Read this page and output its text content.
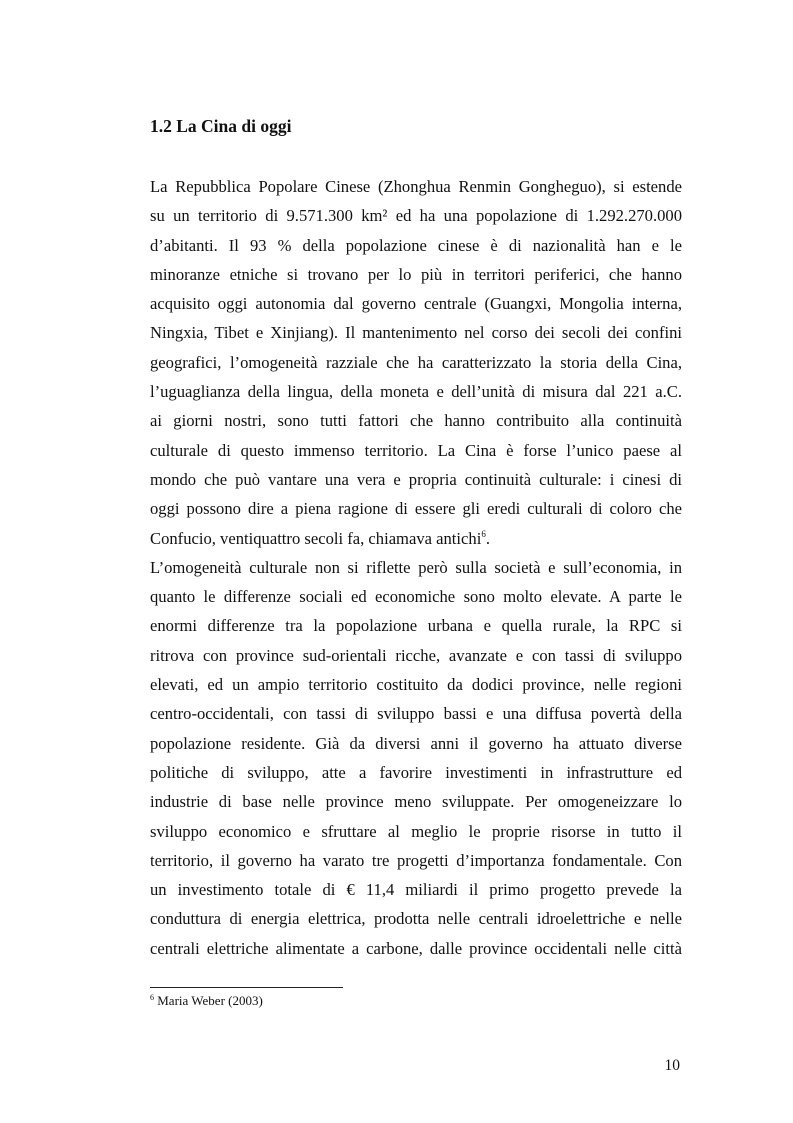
1.2 La Cina di oggi
La Repubblica Popolare Cinese (Zhonghua Renmin Gongheguo), si estende
su un territorio di 9.571.300 km² ed ha una popolazione di 1.292.270.000
d’abitanti. Il 93 % della popolazione cinese è di nazionalità han e le
minoranze etniche si trovano per lo più in territori periferici, che hanno
acquisito oggi autonomia dal governo centrale (Guangxi, Mongolia interna,
Ningxia, Tibet e Xinjiang). Il mantenimento nel corso dei secoli dei confini
geografici, l’omogeneità razziale che ha caratterizzato la storia della Cina,
l’uguaglianza della lingua, della moneta e dell’unità di misura dal 221 a.C.
ai giorni nostri, sono tutti fattori che hanno contribuito alla continuità
culturale di questo immenso territorio. La Cina è forse l’unico paese al
mondo che può vantare una vera e propria continuità culturale: i cinesi di
oggi possono dire a piena ragione di essere gli eredi culturali di coloro che
Confucio, ventiquattro secoli fa, chiamava antichi$^6$.
L’omogeneità culturale non si riflette però sulla società e sull’economia, in
quanto le differenze sociali ed economiche sono molto elevate. A parte le
enormi differenze tra la popolazione urbana e quella rurale, la RPC si
ritrova con province sud-orientali ricche, avanzate e con tassi di sviluppo
elevati, ed un ampio territorio costituito da dodici province, nelle regioni
centro-occidentali, con tassi di sviluppo bassi e una diffusa povertà della
popolazione residente. Già da diversi anni il governo ha attuato diverse
politiche di sviluppo, atte a favorire investimenti in infrastrutture ed
industrie di base nelle province meno sviluppate. Per omogeneizzare lo
sviluppo economico e sfruttare al meglio le proprie risorse in tutto il
territorio, il governo ha varato tre progetti d’importanza fondamentale. Con
un investimento totale di € 11,4 miliardi il primo progetto prevede la
conduttura di energia elettrica, prodotta nelle centrali idroelettriche e nelle
centrali elettriche alimentate a carbone, dalle province occidentali nelle città
$^6$ Maria Weber (2003)
10
